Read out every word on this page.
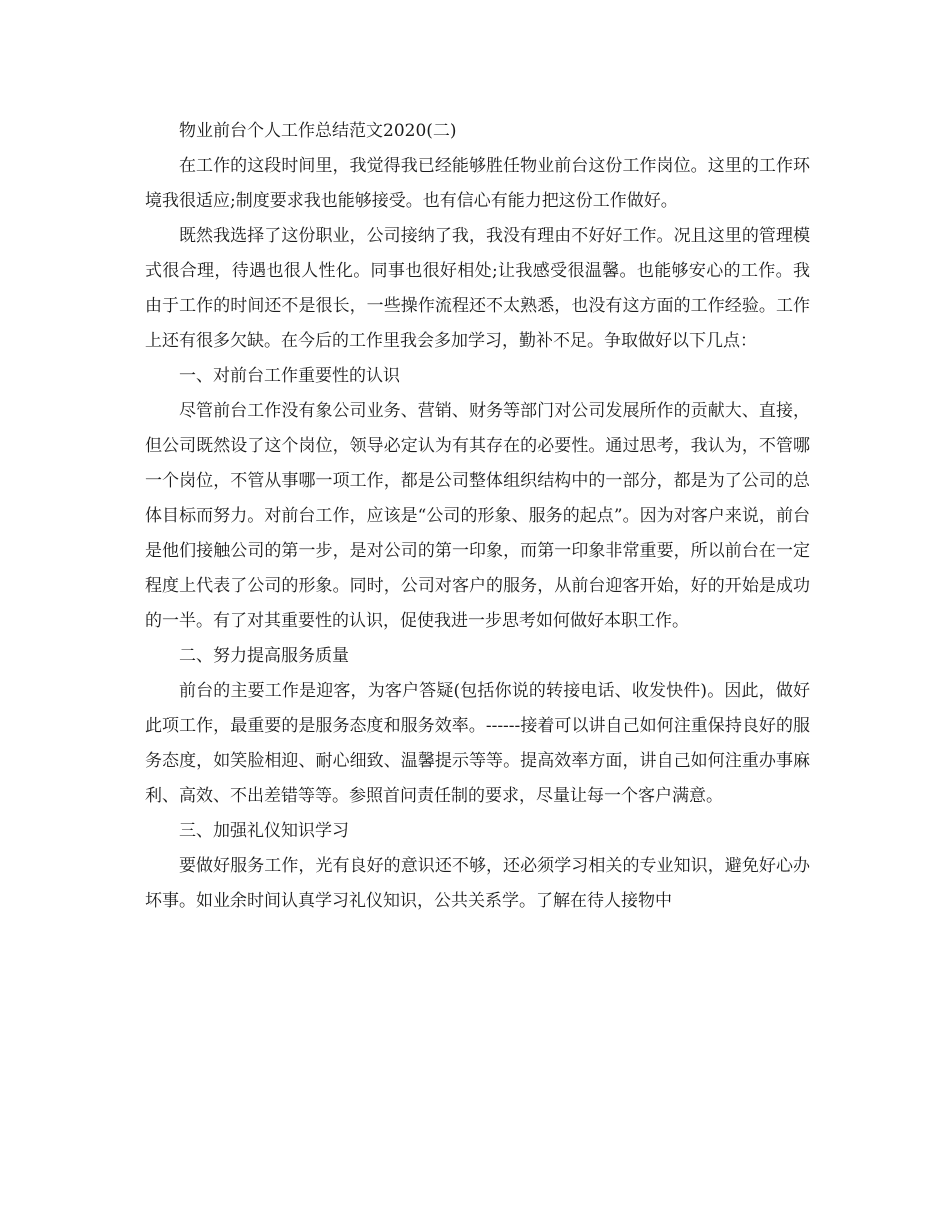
物业前台个人工作总结范文2020(二)

在工作的这段时间里，我觉得我已经能够胜任物业前台这份工作岗位。这里的工作环境我很适应;制度要求我也能够接受。也有信心有能力把这份工作做好。

既然我选择了这份职业，公司接纳了我，我没有理由不好好工作。况且这里的管理模式很合理，待遇也很人性化。同事也很好相处;让我感受很温馨。也能够安心的工作。我由于工作的时间还不是很长，一些操作流程还不太熟悉，也没有这方面的工作经验。工作上还有很多欠缺。在今后的工作里我会多加学习，勤补不足。争取做好以下几点：

一、对前台工作重要性的认识

尽管前台工作没有象公司业务、营销、财务等部门对公司发展所作的贡献大、直接，但公司既然设了这个岗位，领导必定认为有其存在的必要性。通过思考，我认为，不管哪一个岗位，不管从事哪一项工作，都是公司整体组织结构中的一部分，都是为了公司的总体目标而努力。对前台工作，应该是“公司的形象、服务的起点”。因为对客户来说，前台是他们接触公司的第一步，是对公司的第一印象，而第一印象非常重要，所以前台在一定程度上代表了公司的形象。同时，公司对客户的服务，从前台迎客开始，好的开始是成功的一半。有了对其重要性的认识，促使我进一步思考如何做好本职工作。

二、努力提高服务质量

前台的主要工作是迎客，为客户答疑(包括你说的转接电话、收发快件)。因此，做好此项工作，最重要的是服务态度和服务效率。------接着可以讲自己如何注重保持良好的服务态度，如笑脸相迎、耐心细致、温馨提示等等。提高效率方面，讲自己如何注重办事麻利、高效、不出差错等等。参照首问责任制的要求，尽量让每一个客户满意。

三、加强礼仪知识学习

要做好服务工作，光有良好的意识还不够，还必须学习相关的专业知识，避免好心办坏事。如业余时间认真学习礼仪知识，公共关系学。了解在待人接物中
